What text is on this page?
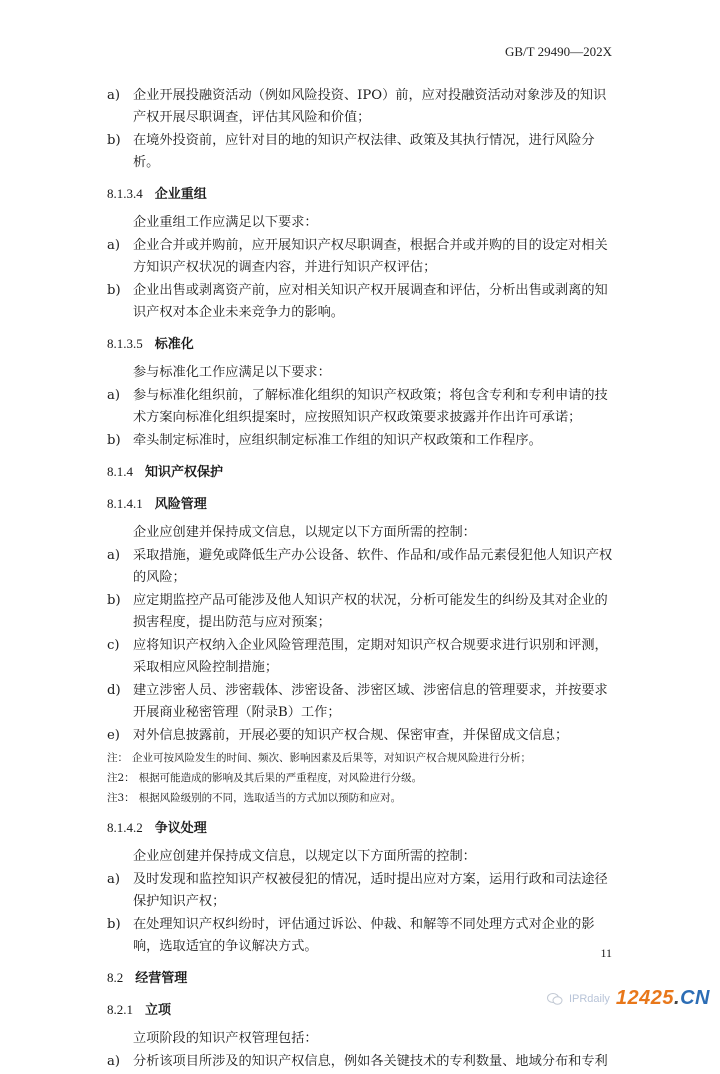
GB/T 29490—202X
a) 企业开展投融资活动（例如风险投资、IPO）前，应对投融资活动对象涉及的知识产权开展尽职调查，评估其风险和价值；
b) 在境外投资前，应针对目的地的知识产权法律、政策及其执行情况，进行风险分析。
8.1.3.4 企业重组
企业重组工作应满足以下要求：
a) 企业合并或并购前，应开展知识产权尽职调查，根据合并或并购的目的设定对相关方知识产权状况的调查内容，并进行知识产权评估；
b) 企业出售或剥离资产前，应对相关知识产权开展调查和评估，分析出售或剥离的知识产权对本企业未来竞争力的影响。
8.1.3.5 标准化
参与标准化工作应满足以下要求：
a) 参与标准化组织前，了解标准化组织的知识产权政策；将包含专利和专利申请的技术方案向标准化组织提案时，应按照知识产权政策要求披露并作出许可承诺；
b) 牵头制定标准时，应组织制定标准工作组的知识产权政策和工作程序。
8.1.4 知识产权保护
8.1.4.1 风险管理
企业应创建并保持成文信息，以规定以下方面所需的控制：
a) 采取措施，避免或降低生产办公设备、软件、作品和/或作品元素侵犯他人知识产权的风险；
b) 应定期监控产品可能涉及他人知识产权的状况，分析可能发生的纠纷及其对企业的损害程度，提出防范与应对预案；
c) 应将知识产权纳入企业风险管理范围，定期对知识产权合规要求进行识别和评测，采取相应风险控制措施；
d) 建立涉密人员、涉密载体、涉密设备、涉密区域、涉密信息的管理要求，并按要求开展商业秘密管理（附录B）工作；
e) 对外信息披露前，开展必要的知识产权合规、保密审查，并保留成文信息；
注： 企业可按风险发生的时间、频次、影响因素及后果等，对知识产权合规风险进行分析；
注2： 根据可能造成的影响及其后果的严重程度，对风险进行分级。
注3： 根据风险级别的不同，选取适当的方式加以预防和应对。
8.1.4.2 争议处理
企业应创建并保持成文信息，以规定以下方面所需的控制：
a) 及时发现和监控知识产权被侵犯的情况，适时提出应对方案，运用行政和司法途径保护知识产权；
b) 在处理知识产权纠纷时，评估通过诉讼、仲裁、和解等不同处理方式对企业的影响，选取适宜的争议解决方式。
8.2 经营管理
8.2.1 立项
立项阶段的知识产权管理包括：
a) 分析该项目所涉及的知识产权信息，例如各关键技术的专利数量、地域分布和专利
11
IPRdaily 12425.CN
